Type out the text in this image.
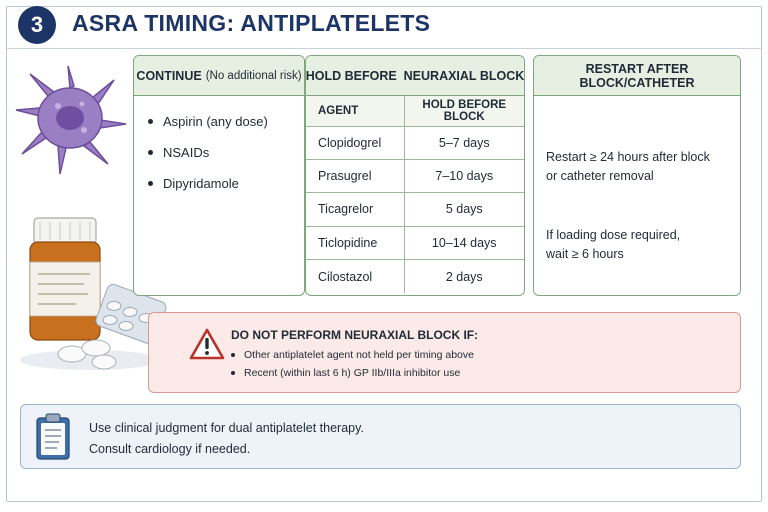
3	ASRA TIMING: ANTIPLATELETS
CONTINUE (No additional risk)
Aspirin (any dose)
NSAIDs
Dipyridamole
HOLD BEFORE  NEURAXIAL BLOCK
AGENT	HOLD BEFORE BLOCK
Clopidogrel	5–7 days
Prasugrel	7–10 days
Ticagrelor	5 days
Ticlopidine	10–14 days
Cilostazol	2 days
RESTART AFTER BLOCK/CATHETER
Restart ≥ 24 hours after block
or catheter removal
If loading dose required,
wait ≥ 6 hours
DO NOT PERFORM NEURAXIAL BLOCK IF:
Other antiplatelet agent not held per timing above
Recent (within last 6 h) GP IIb/IIIa inhibitor use
Use clinical judgment for dual antiplatelet therapy.
Consult cardiology if needed.
